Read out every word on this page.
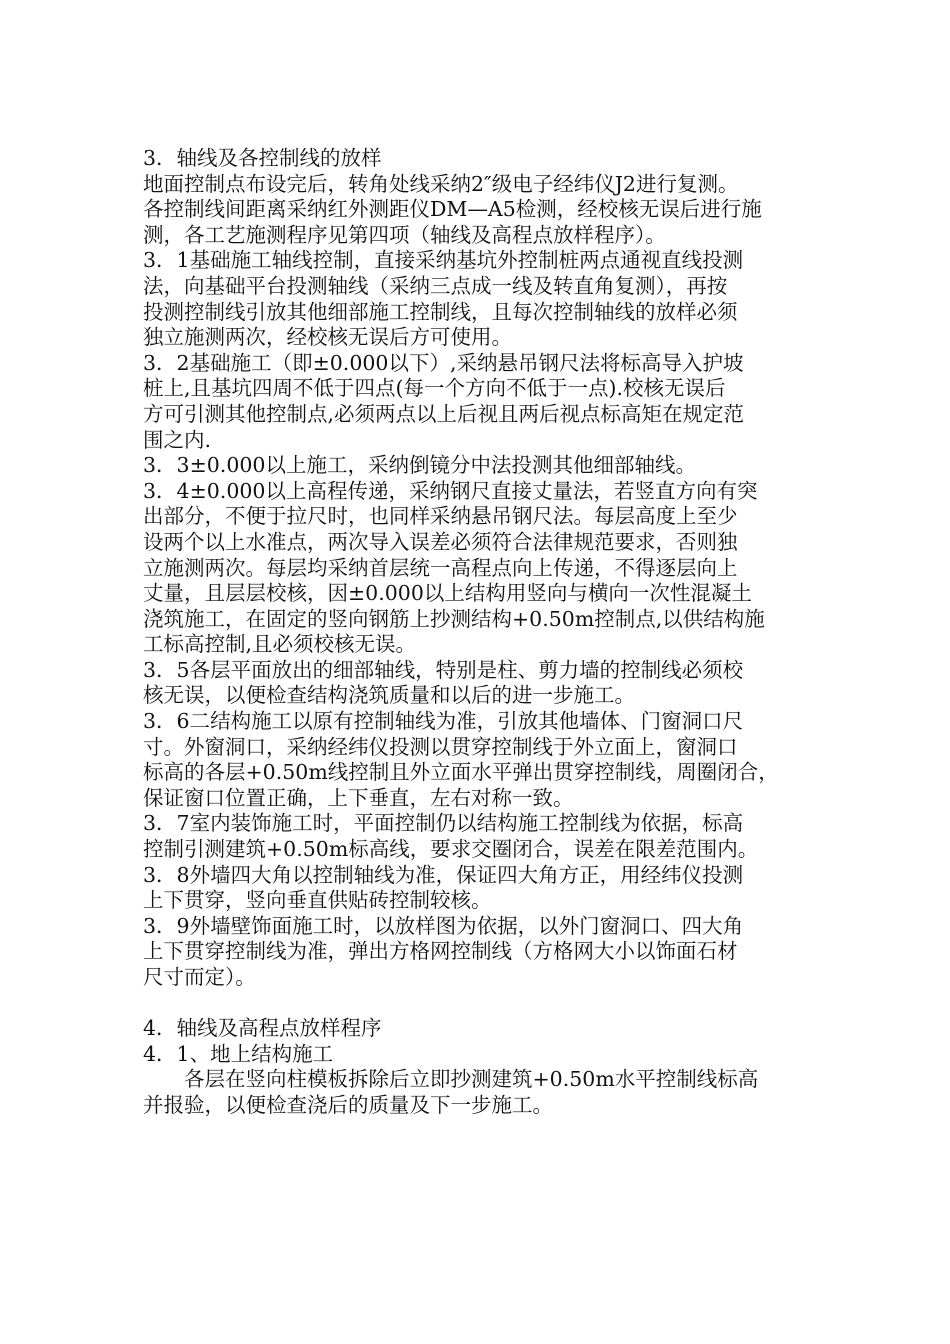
3．轴线及各控制线的放样
地面控制点布设完后，转角处线采纳2″级电子经纬仪J2进行复测。
各控制线间距离采纳红外测距仪DM—A5检测，经校核无误后进行施
测，各工艺施测程序见第四项（轴线及高程点放样程序）。
3．1基础施工轴线控制，直接采纳基坑外控制桩两点通视直线投测
法，向基础平台投测轴线（采纳三点成一线及转直角复测），再按
投测控制线引放其他细部施工控制线，且每次控制轴线的放样必须
独立施测两次，经校核无误后方可使用。
3．2基础施工（即±0.000以下）,采纳悬吊钢尺法将标高导入护坡
桩上,且基坑四周不低于四点(每一个方向不低于一点).校核无误后
方可引测其他控制点,必须两点以上后视且两后视点标高矩在规定范
围之内.
3．3±0.000以上施工，采纳倒镜分中法投测其他细部轴线。
3．4±0.000以上高程传递，采纳钢尺直接丈量法，若竖直方向有突
出部分，不便于拉尺时，也同样采纳悬吊钢尺法。每层高度上至少
设两个以上水准点，两次导入误差必须符合法律规范要求，否则独
立施测两次。每层均采纳首层统一高程点向上传递，不得逐层向上
丈量，且层层校核，因±0.000以上结构用竖向与横向一次性混凝土
浇筑施工，在固定的竖向钢筋上抄测结构+0.50m控制点,以供结构施
工标高控制,且必须校核无误。
3．5各层平面放出的细部轴线，特别是柱、剪力墙的控制线必须校
核无误，以便检查结构浇筑质量和以后的进一步施工。
3．6二结构施工以原有控制轴线为准，引放其他墙体、门窗洞口尺
寸。外窗洞口，采纳经纬仪投测以贯穿控制线于外立面上，窗洞口
标高的各层+0.50m线控制且外立面水平弹出贯穿控制线，周圈闭合，
保证窗口位置正确，上下垂直，左右对称一致。
3．7室内装饰施工时，平面控制仍以结构施工控制线为依据，标高
控制引测建筑+0.50m标高线，要求交圈闭合，误差在限差范围内。
3．8外墙四大角以控制轴线为准，保证四大角方正，用经纬仪投测
上下贯穿，竖向垂直供贴砖控制较核。
3．9外墙壁饰面施工时，以放样图为依据，以外门窗洞口、四大角
上下贯穿控制线为准，弹出方格网控制线（方格网大小以饰面石材
尺寸而定）。
4．轴线及高程点放样程序
4．1、地上结构施工
各层在竖向柱模板拆除后立即抄测建筑+0.50m水平控制线标高
并报验，以便检查浇后的质量及下一步施工。
